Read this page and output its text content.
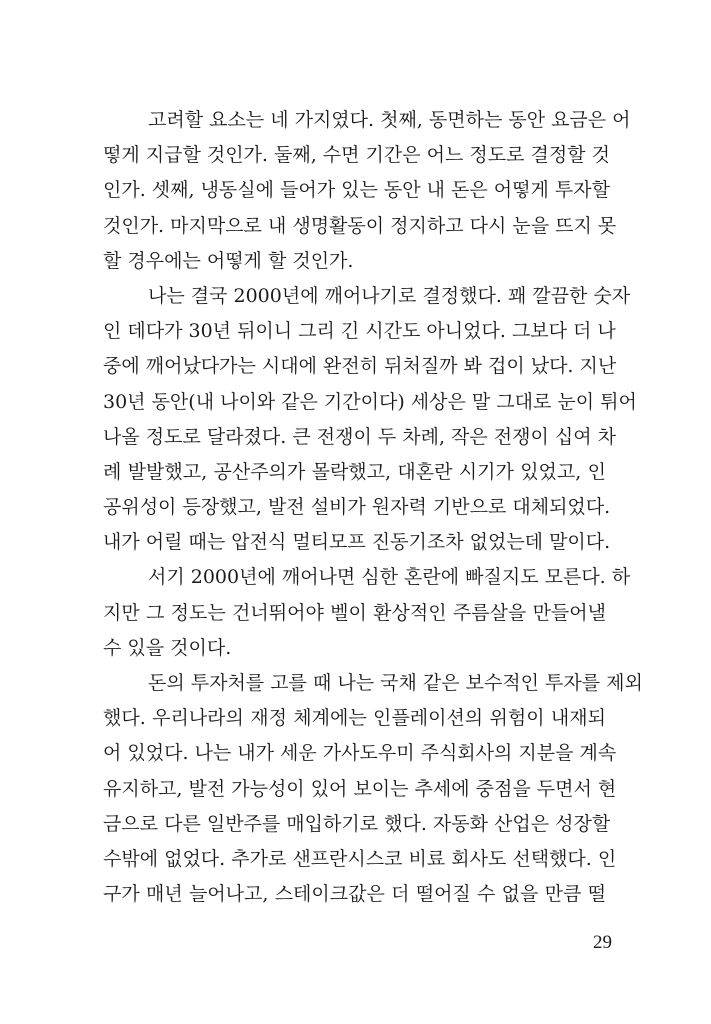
고려할 요소는 네 가지였다. 첫째, 동면하는 동안 요금은 어
떻게 지급할 것인가. 둘째, 수면 기간은 어느 정도로 결정할 것
인가. 셋째, 냉동실에 들어가 있는 동안 내 돈은 어떻게 투자할
것인가. 마지막으로 내 생명활동이 정지하고 다시 눈을 뜨지 못
할 경우에는 어떻게 할 것인가.
나는 결국 2000년에 깨어나기로 결정했다. 꽤 깔끔한 숫자
인 데다가 30년 뒤이니 그리 긴 시간도 아니었다. 그보다 더 나
중에 깨어났다가는 시대에 완전히 뒤처질까 봐 겁이 났다. 지난
30년 동안(내 나이와 같은 기간이다) 세상은 말 그대로 눈이 튀어
나올 정도로 달라졌다. 큰 전쟁이 두 차례, 작은 전쟁이 십여 차
례 발발했고, 공산주의가 몰락했고, 대혼란 시기가 있었고, 인
공위성이 등장했고, 발전 설비가 원자력 기반으로 대체되었다.
내가 어릴 때는 압전식 멀티모프 진동기조차 없었는데 말이다.
서기 2000년에 깨어나면 심한 혼란에 빠질지도 모른다. 하
지만 그 정도는 건너뛰어야 벨이 환상적인 주름살을 만들어낼
수 있을 것이다.
돈의 투자처를 고를 때 나는 국채 같은 보수적인 투자를 제외
했다. 우리나라의 재정 체계에는 인플레이션의 위험이 내재되
어 있었다. 나는 내가 세운 가사도우미 주식회사의 지분을 계속
유지하고, 발전 가능성이 있어 보이는 추세에 중점을 두면서 현
금으로 다른 일반주를 매입하기로 했다. 자동화 산업은 성장할
수밖에 없었다. 추가로 샌프란시스코 비료 회사도 선택했다. 인
구가 매년 늘어나고, 스테이크값은 더 떨어질 수 없을 만큼 떨
29
